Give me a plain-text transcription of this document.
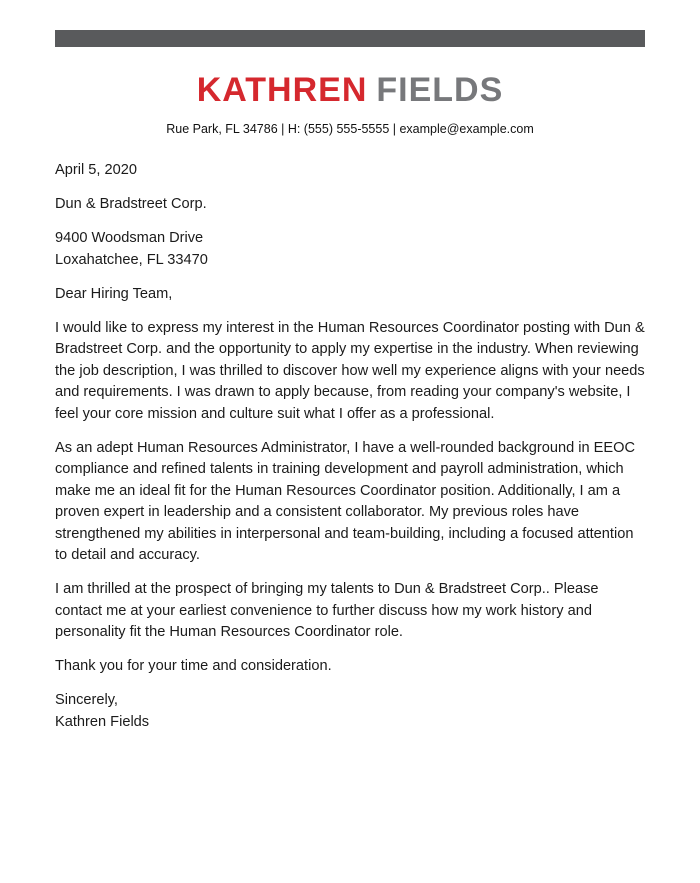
KATHREN FIELDS
Rue Park, FL 34786 | H: (555) 555-5555 | example@example.com

April 5, 2020

Dun & Bradstreet Corp.

9400 Woodsman Drive
Loxahatchee, FL 33470

Dear Hiring Team,

I would like to express my interest in the Human Resources Coordinator posting with Dun & Bradstreet Corp. and the opportunity to apply my expertise in the industry. When reviewing the job description, I was thrilled to discover how well my experience aligns with your needs and requirements. I was drawn to apply because, from reading your company's website, I feel your core mission and culture suit what I offer as a professional.

As an adept Human Resources Administrator, I have a well-rounded background in EEOC compliance and refined talents in training development and payroll administration, which make me an ideal fit for the Human Resources Coordinator position. Additionally, I am a proven expert in leadership and a consistent collaborator. My previous roles have strengthened my abilities in interpersonal and team-building, including a focused attention to detail and accuracy.

I am thrilled at the prospect of bringing my talents to Dun & Bradstreet Corp.. Please contact me at your earliest convenience to further discuss how my work history and personality fit the Human Resources Coordinator role.

Thank you for your time and consideration.

Sincerely,
Kathren Fields
